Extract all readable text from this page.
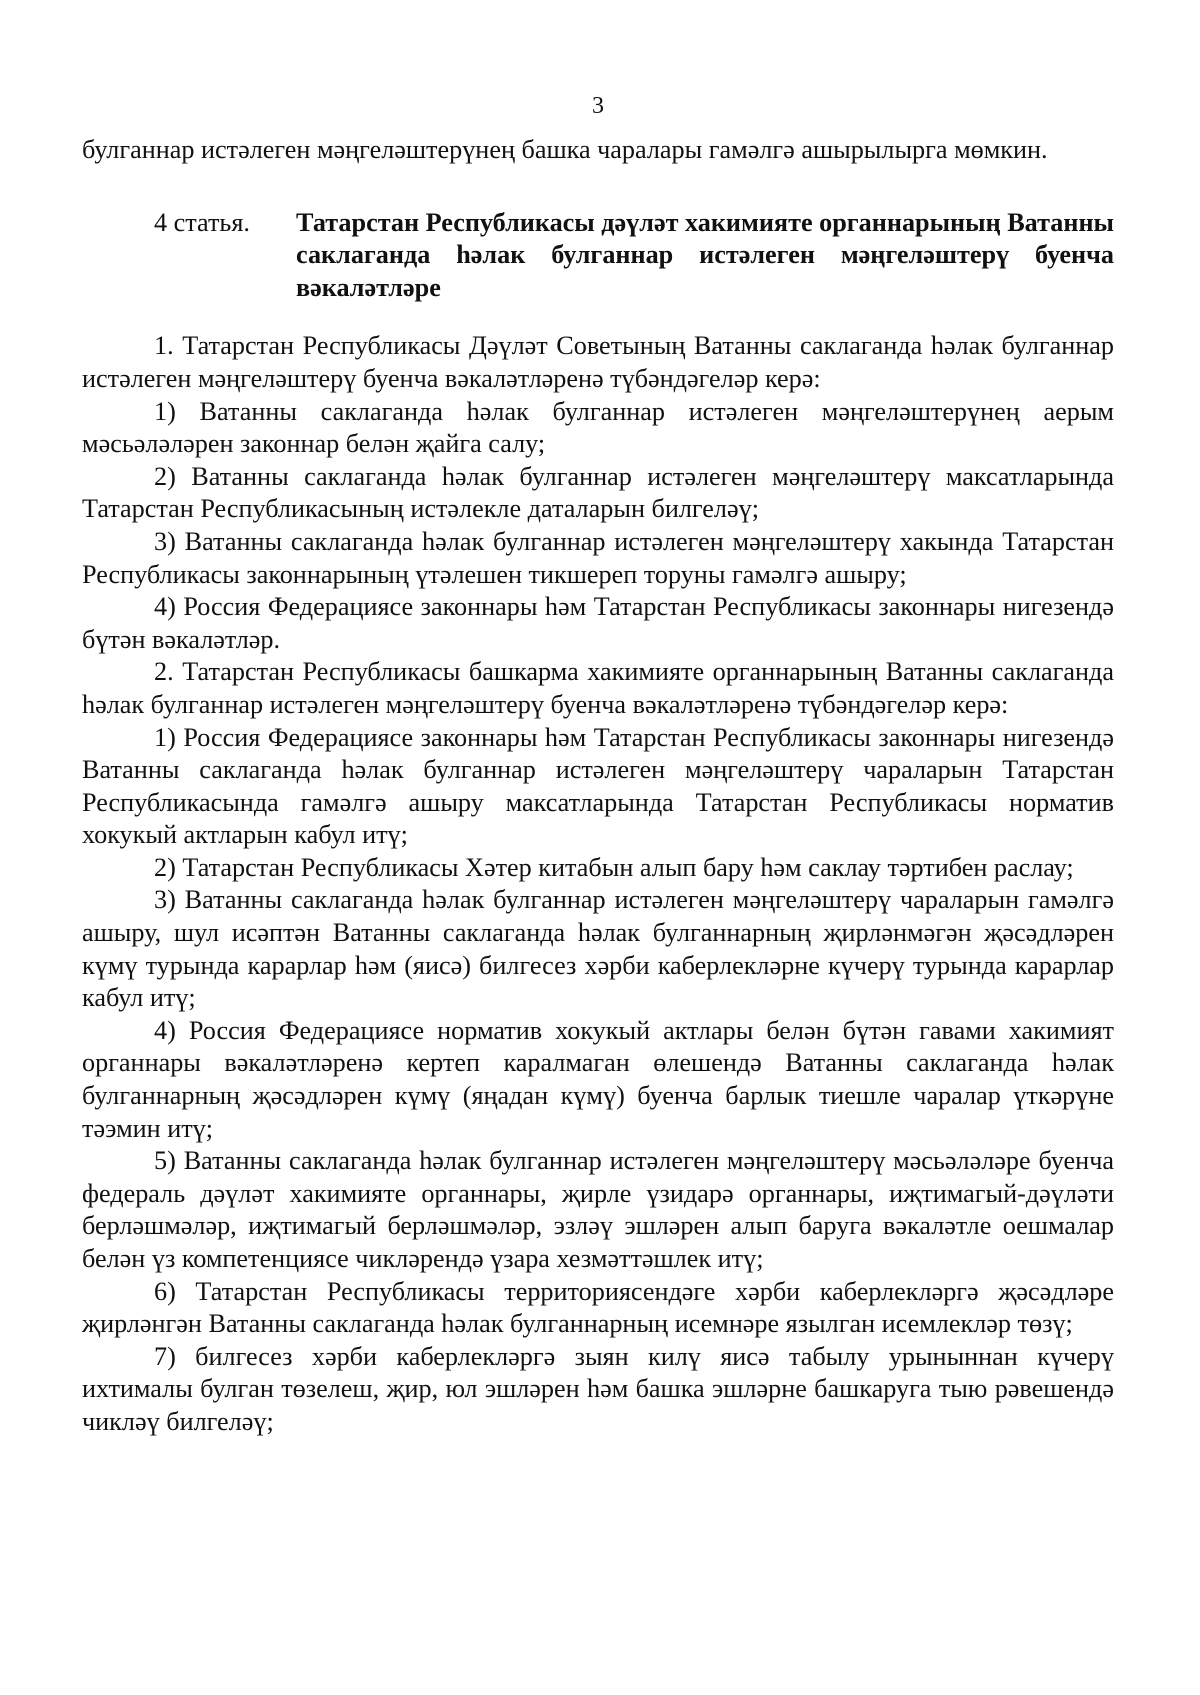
3

булганнар истәлеген мәңгеләштерүнең башка чаралары гамәлгә ашырылырга мөмкин.

4 статья.	Татарстан Республикасы дәүләт хакимияте органнарының Ватанны саклаганда һәлак булганнар истәлеген мәңгеләштерү буенча вәкаләтләре

1. Татарстан Республикасы Дәүләт Советының Ватанны саклаганда һәлак булганнар истәлеген мәңгеләштерү буенча вәкаләтләренә түбәндәгеләр керә:

1) Ватанны саклаганда һәлак булганнар истәлеген мәңгеләштерүнең аерым мәсьәләләрен законнар белән җайга салу;

2) Ватанны саклаганда һәлак булганнар истәлеген мәңгеләштерү максатларында Татарстан Республикасының истәлекле даталарын билгеләү;

3) Ватанны саклаганда һәлак булганнар истәлеген мәңгеләштерү хакында Татарстан Республикасы законнарының үтәлешен тикшереп торуны гамәлгә ашыру;

4) Россия Федерациясе законнары һәм Татарстан Республикасы законнары нигезендә бүтән вәкаләтләр.

2. Татарстан Республикасы башкарма хакимияте органнарының Ватанны саклаганда һәлак булганнар истәлеген мәңгеләштерү буенча вәкаләтләренә түбәндәгеләр керә:

1) Россия Федерациясе законнары һәм Татарстан Республикасы законнары нигезендә Ватанны саклаганда һәлак булганнар истәлеген мәңгеләштерү чараларын Татарстан Республикасында гамәлгә ашыру максатларында Татарстан Республикасы норматив хокукый актларын кабул итү;

2) Татарстан Республикасы Хәтер китабын алып бару һәм саклау тәртибен раслау;

3) Ватанны саклаганда һәлак булганнар истәлеген мәңгеләштерү чараларын гамәлгә ашыру, шул исәптән Ватанны саклаганда һәлак булганнарның җирләнмәгән җәсәдләрен күмү турында карарлар һәм (яисә) билгесез хәрби каберлекләрне күчерү турында карарлар кабул итү;

4) Россия Федерациясе норматив хокукый актлары белән бүтән гавами хакимият органнары вәкаләтләренә кертеп каралмаган өлешендә Ватанны саклаганда һәлак булганнарның җәсәдләрен күмү (яңадан күмү) буенча барлык тиешле чаралар үткәрүне тәэмин итү;

5) Ватанны саклаганда һәлак булганнар истәлеген мәңгеләштерү мәсьәләләре буенча федераль дәүләт хакимияте органнары, җирле үзидарә органнары, иҗтимагый-дәүләти берләшмәләр, иҗтимагый берләшмәләр, эзләү эшләрен алып баруга вәкаләтле оешмалар белән үз компетенциясе чикләрендә үзара хезмәттәшлек итү;

6) Татарстан Республикасы территориясендәге хәрби каберлекләргә җәсәдләре җирләнгән Ватанны саклаганда һәлак булганнарның исемнәре язылган исемлекләр төзү;

7) билгесез хәрби каберлекләргә зыян килү яисә табылу урыныннан күчерү ихтималы булган төзелеш, җир, юл эшләрен һәм башка эшләрне башкаруга тыю рәвешендә чикләү билгеләү;
